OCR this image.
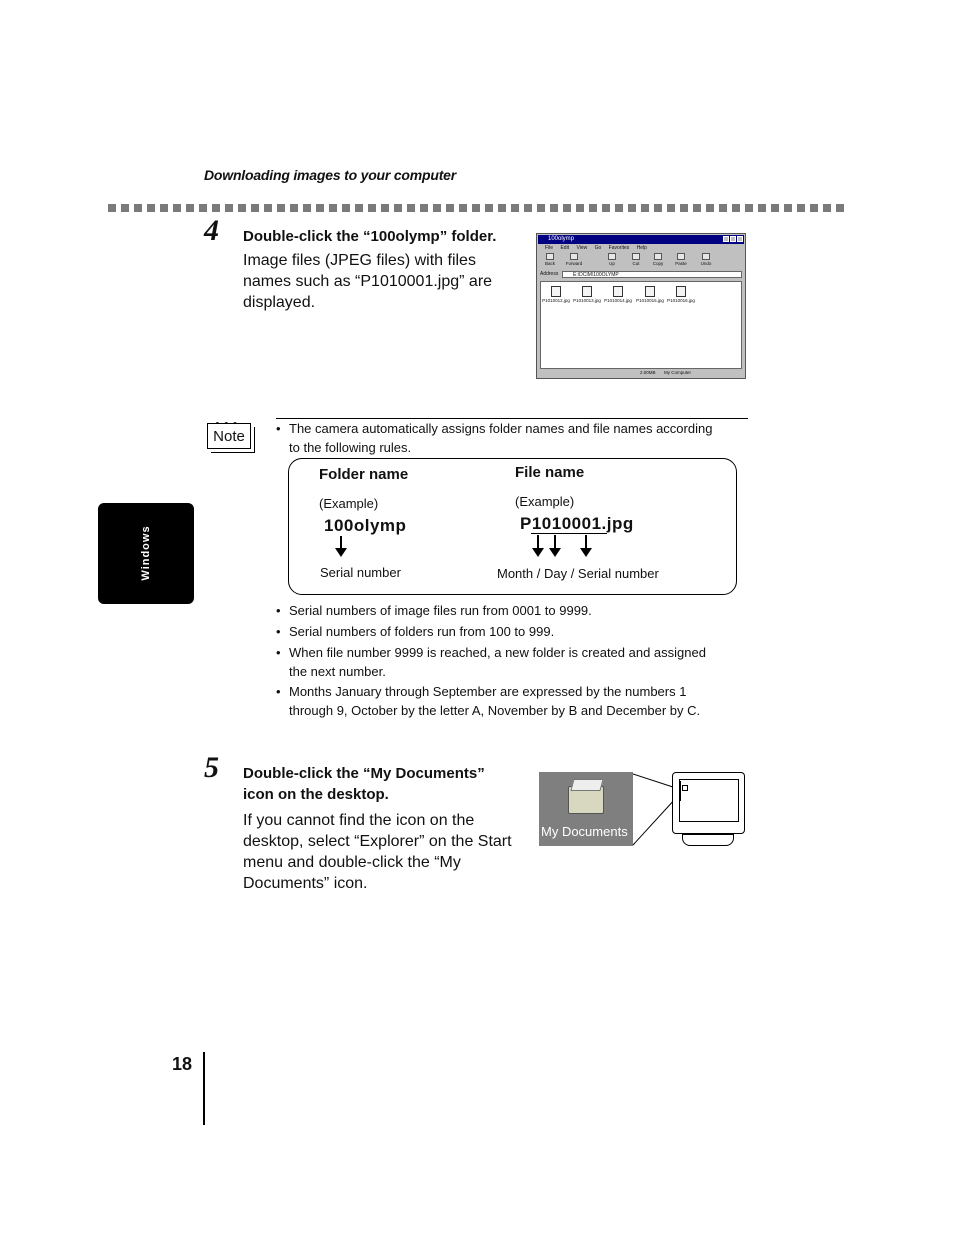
Downloading images to your computer
4 Double-click the “100olymp” folder.
Image files (JPEG files) with files
names such as “P1010001.jpg” are
displayed.
100olymp
File Edit View Go Favorites Help
Back	Forward	Up	Cut	Copy	Paste	Undo
Address	E:\DCIM\100OLYMP
P1010012.jpg P1010013.jpg P1010014.jpg P1010015.jpg P1010016.jpg
2.00MB My Computer
Note	• The camera automatically assigns folder names and file names according
to the following rules.
Folder name
(Example)
100olymp
Serial number
File name
(Example)
P1010001.jpg
Month / Day / Serial number
• Serial numbers of image files run from 0001 to 9999.
• Serial numbers of folders run from 100 to 999.
• When file number 9999 is reached, a new folder is created and assigned
the next number.
• Months January through September are expressed by the numbers 1
through 9, October by the letter A, November by B and December by C.
5 Double-click the “My Documents”
icon on the desktop.
If you cannot find the icon on the
desktop, select “Explorer” on the Start
menu and double-click the “My
Documents” icon.
My Documents
Windows
18
